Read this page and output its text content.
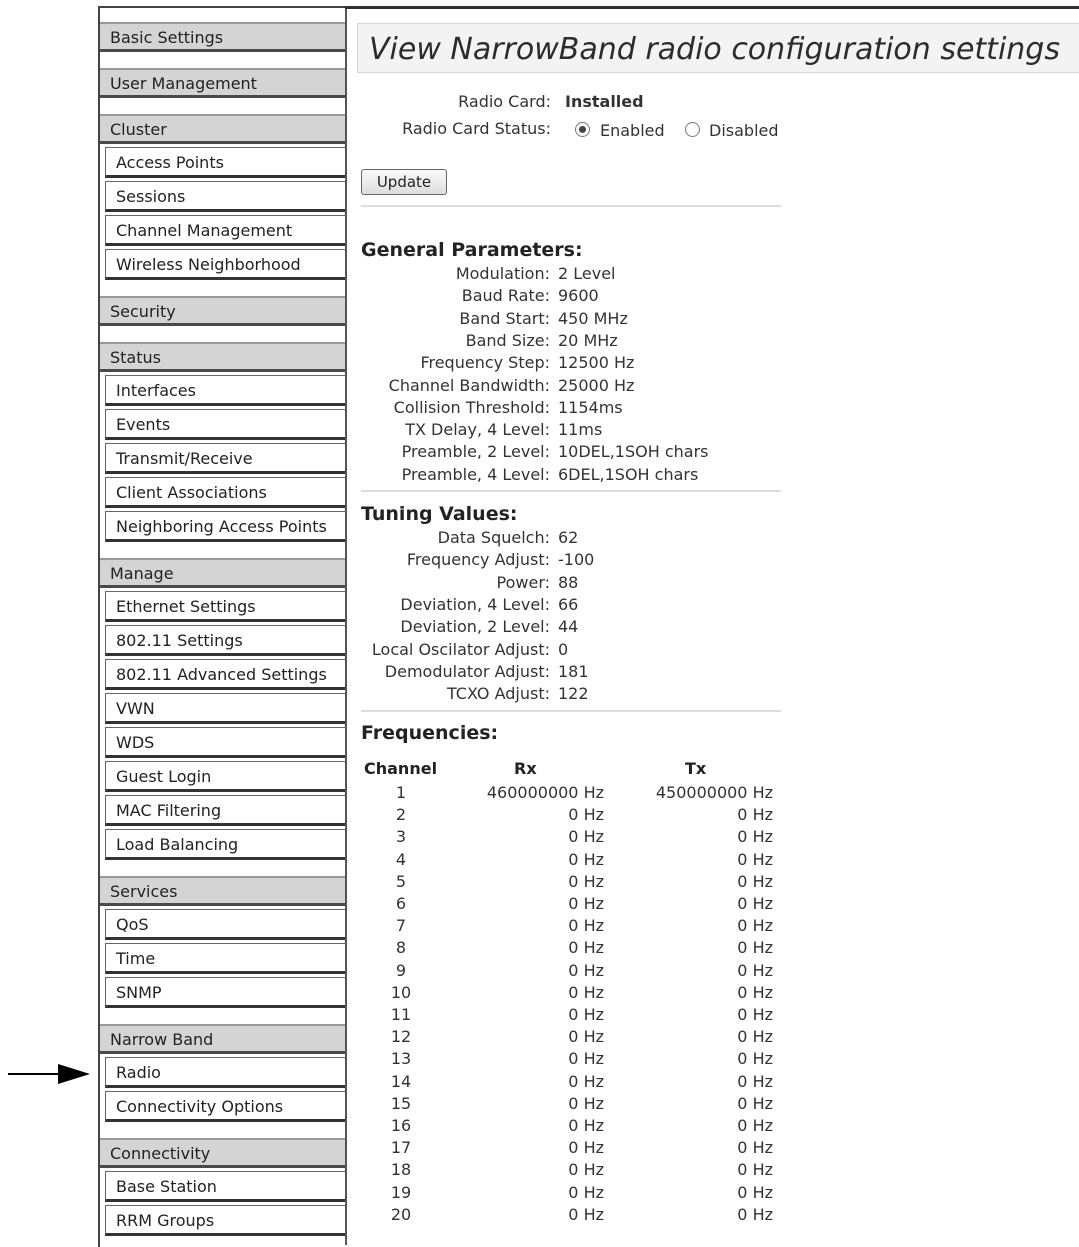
Basic Settings
User Management
Cluster
Access Points
Sessions
Channel Management
Wireless Neighborhood
Security
Status
Interfaces
Events
Transmit/Receive
Client Associations
Neighboring Access Points
Manage
Ethernet Settings
802.11 Settings
802.11 Advanced Settings
VWN
WDS
Guest Login
MAC Filtering
Load Balancing
Services
QoS
Time
SNMP
Narrow Band
Radio
Connectivity Options
Connectivity
Base Station
RRM Groups
View NarrowBand radio configuration settings
Radio Card: Installed
Radio Card Status:	Enabled	Disabled
Update
General Parameters:
Modulation: 2 Level
Baud Rate: 9600
Band Start: 450 MHz
Band Size: 20 MHz
Frequency Step: 12500 Hz
Channel Bandwidth: 25000 Hz
Collision Threshold: 1154ms
TX Delay, 4 Level: 11ms
Preamble, 2 Level: 10DEL,1SOH chars
Preamble, 4 Level: 6DEL,1SOH chars
Tuning Values:
Data Squelch: 62
Frequency Adjust: -100
Power: 88
Deviation, 4 Level: 66
Deviation, 2 Level: 44
Local Oscilator Adjust: 0
Demodulator Adjust: 181
TCXO Adjust: 122
Frequencies:
Channel	Rx	Tx
1	460000000 Hz	450000000 Hz
2	0 Hz	0 Hz
3	0 Hz	0 Hz
4	0 Hz	0 Hz
5	0 Hz	0 Hz
6	0 Hz	0 Hz
7	0 Hz	0 Hz
8	0 Hz	0 Hz
9	0 Hz	0 Hz
10	0 Hz	0 Hz
11	0 Hz	0 Hz
12	0 Hz	0 Hz
13	0 Hz	0 Hz
14	0 Hz	0 Hz
15	0 Hz	0 Hz
16	0 Hz	0 Hz
17	0 Hz	0 Hz
18	0 Hz	0 Hz
19	0 Hz	0 Hz
20	0 Hz	0 Hz
